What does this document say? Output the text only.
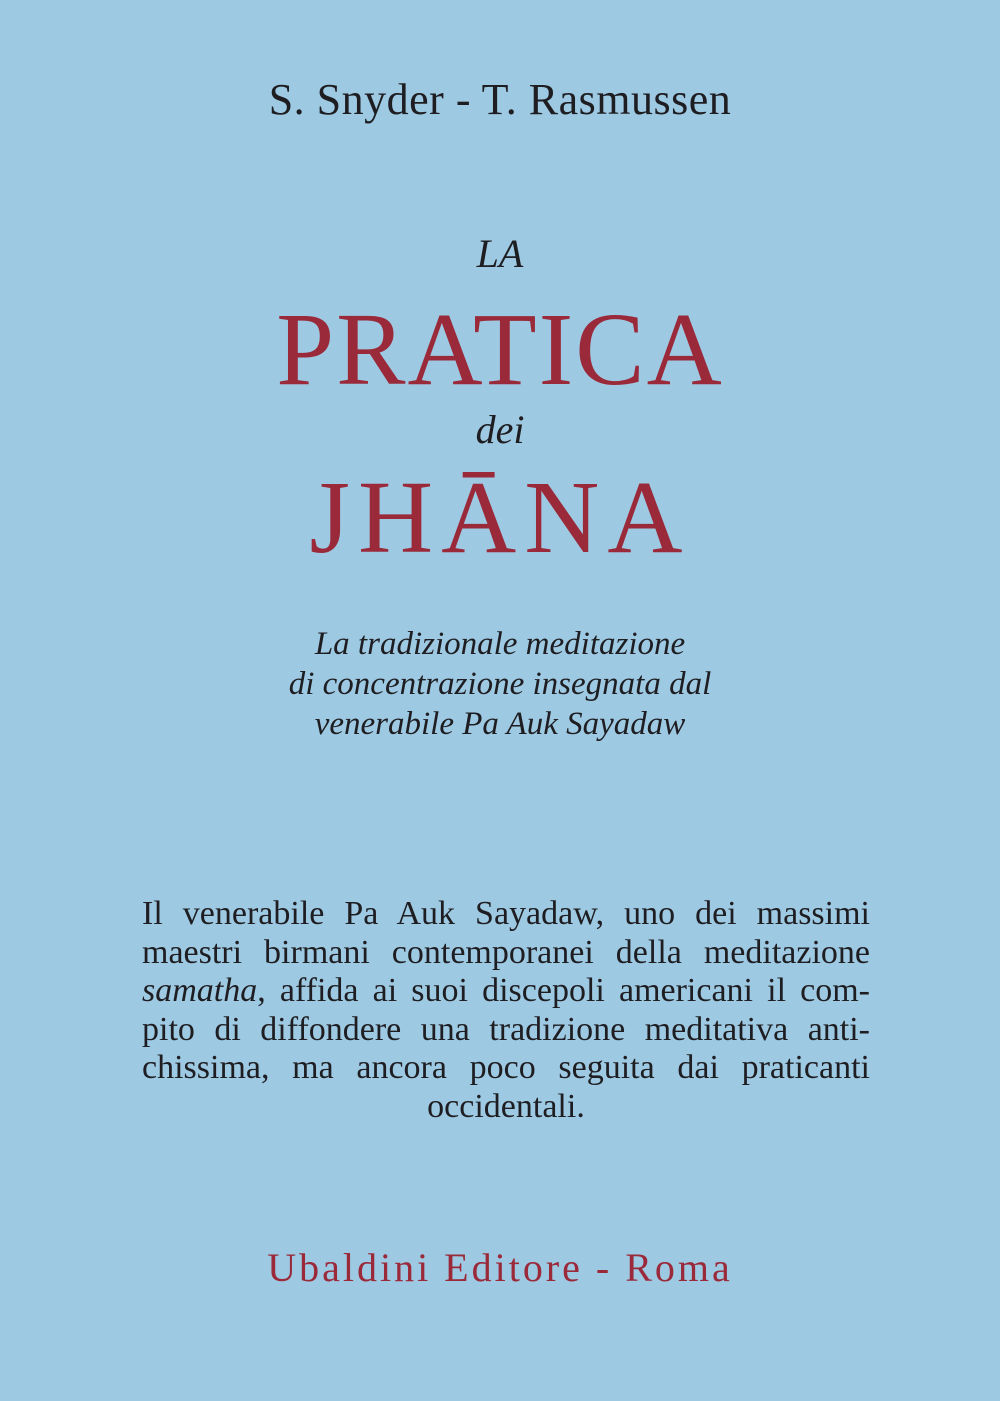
S. Snyder - T. Rasmussen
LA
PRATICA
dei
JHĀNA
La tradizionale meditazione
di concentrazione insegnata dal
venerabile Pa Auk Sayadaw
Il venerabile Pa Auk Sayadaw, uno dei massimi
maestri birmani contemporanei della meditazione
samatha, affida ai suoi discepoli americani il com-
pito di diffondere una tradizione meditativa anti-
chissima, ma ancora poco seguita dai praticanti
occidentali.
Ubaldini Editore - Roma
